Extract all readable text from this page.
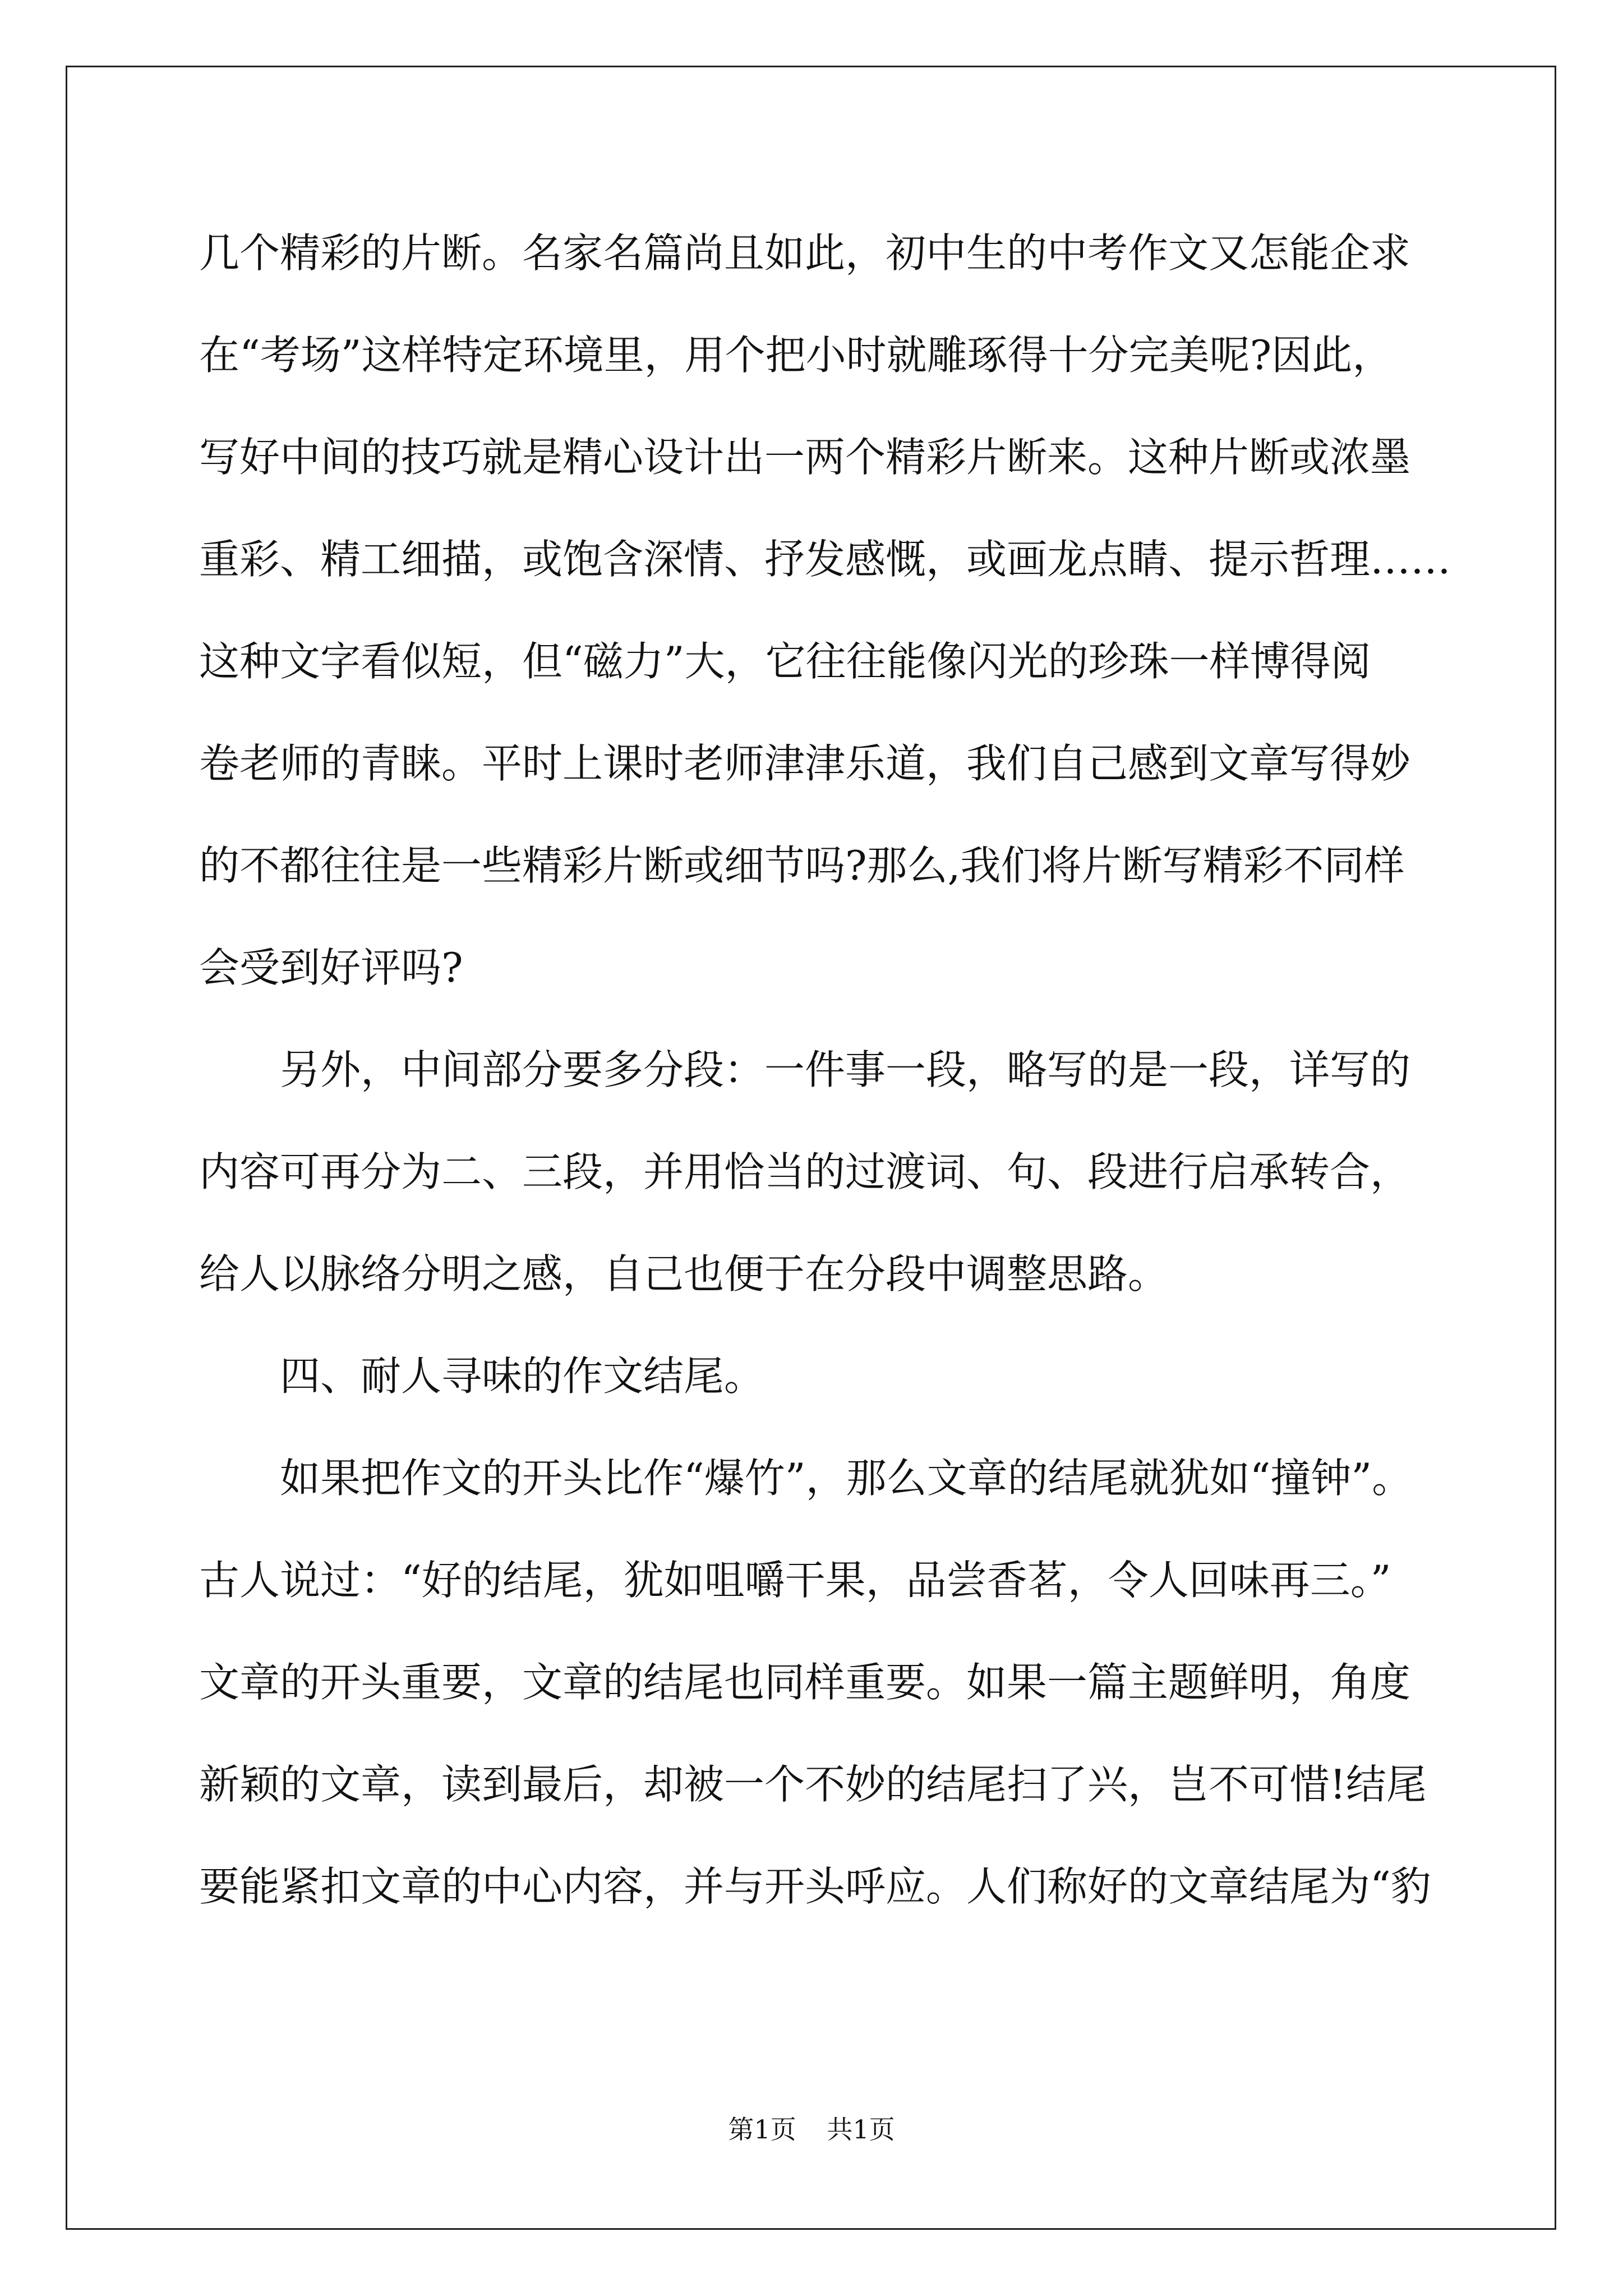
几个精彩的片断。名家名篇尚且如此，初中生的中考作文又怎能企求
在“考场”这样特定环境里，用个把小时就雕琢得十分完美呢?因此，
写好中间的技巧就是精心设计出一两个精彩片断来。这种片断或浓墨
重彩、精工细描，或饱含深情、抒发感慨，或画龙点睛、提示哲理……
这种文字看似短，但“磁力”大，它往往能像闪光的珍珠一样博得阅
卷老师的青睐。平时上课时老师津津乐道，我们自己感到文章写得妙
的不都往往是一些精彩片断或细节吗?那么,我们将片断写精彩不同样
会受到好评吗?
另外，中间部分要多分段：一件事一段，略写的是一段，详写的
内容可再分为二、三段，并用恰当的过渡词、句、段进行启承转合，
给人以脉络分明之感，自己也便于在分段中调整思路。
四、耐人寻味的作文结尾。
如果把作文的开头比作“爆竹”，那么文章的结尾就犹如“撞钟”。
古人说过：“好的结尾，犹如咀嚼干果，品尝香茗，令人回味再三。”
文章的开头重要，文章的结尾也同样重要。如果一篇主题鲜明，角度
新颖的文章，读到最后，却被一个不妙的结尾扫了兴，岂不可惜!结尾
要能紧扣文章的中心内容，并与开头呼应。人们称好的文章结尾为“豹
第1页 共1页
